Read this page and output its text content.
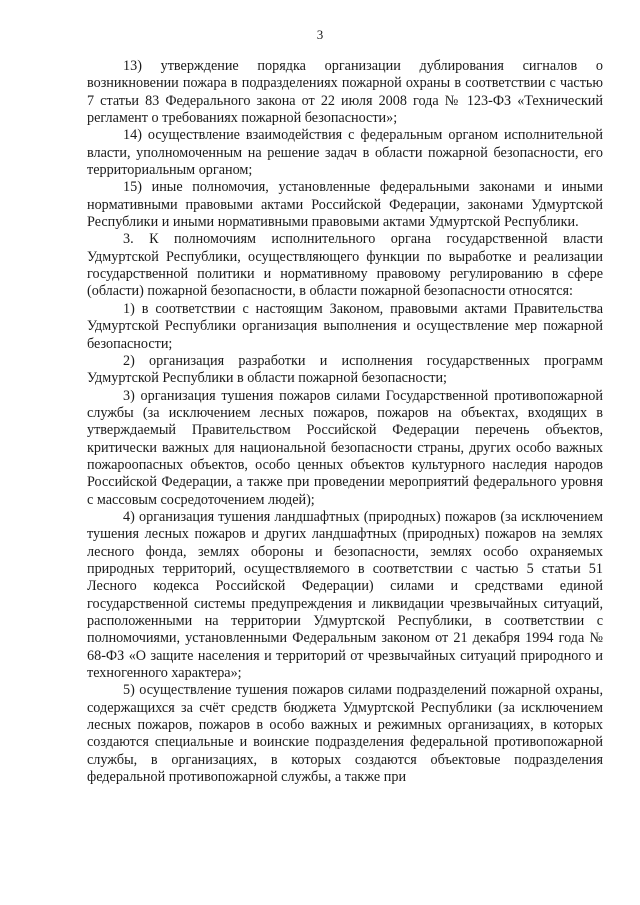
3

13) утверждение порядка организации дублирования сигналов о возникновении пожара в подразделениях пожарной охраны в соответствии с частью 7 статьи 83 Федерального закона от 22 июля 2008 года № 123-ФЗ «Технический регламент о требованиях пожарной безопасности»;

14) осуществление взаимодействия с федеральным органом исполнительной власти, уполномоченным на решение задач в области пожарной безопасности, его территориальным органом;

15) иные полномочия, установленные федеральными законами и иными нормативными правовыми актами Российской Федерации, законами Удмуртской Республики и иными нормативными правовыми актами Удмуртской Республики.

3. К полномочиям исполнительного органа государственной власти Удмуртской Республики, осуществляющего функции по выработке и реализации государственной политики и нормативному правовому регулированию в сфере (области) пожарной безопасности, в области пожарной безопасности относятся:

1) в соответствии с настоящим Законом, правовыми актами Правительства Удмуртской Республики организация выполнения и осуществление мер пожарной безопасности;

2) организация разработки и исполнения государственных программ Удмуртской Республики в области пожарной безопасности;

3) организация тушения пожаров силами Государственной противопожарной службы (за исключением лесных пожаров, пожаров на объектах, входящих в утверждаемый Правительством Российской Федерации перечень объектов, критически важных для национальной безопасности страны, других особо важных пожароопасных объектов, особо ценных объектов культурного наследия народов Российской Федерации, а также при проведении мероприятий федерального уровня с массовым сосредоточением людей);

4) организация тушения ландшафтных (природных) пожаров (за исключением тушения лесных пожаров и других ландшафтных (природных) пожаров на землях лесного фонда, землях обороны и безопасности, землях особо охраняемых природных территорий, осуществляемого в соответствии с частью 5 статьи 51 Лесного кодекса Российской Федерации) силами и средствами единой государственной системы предупреждения и ликвидации чрезвычайных ситуаций, расположенными на территории Удмуртской Республики, в соответствии с полномочиями, установленными Федеральным законом от 21 декабря 1994 года № 68-ФЗ «О защите населения и территорий от чрезвычайных ситуаций природного и техногенного характера»;

5) осуществление тушения пожаров силами подразделений пожарной охраны, содержащихся за счёт средств бюджета Удмуртской Республики (за исключением лесных пожаров, пожаров в особо важных и режимных организациях, в которых создаются специальные и воинские подразделения федеральной противопожарной службы, в организациях, в которых создаются объектовые подразделения федеральной противопожарной службы, а также при
